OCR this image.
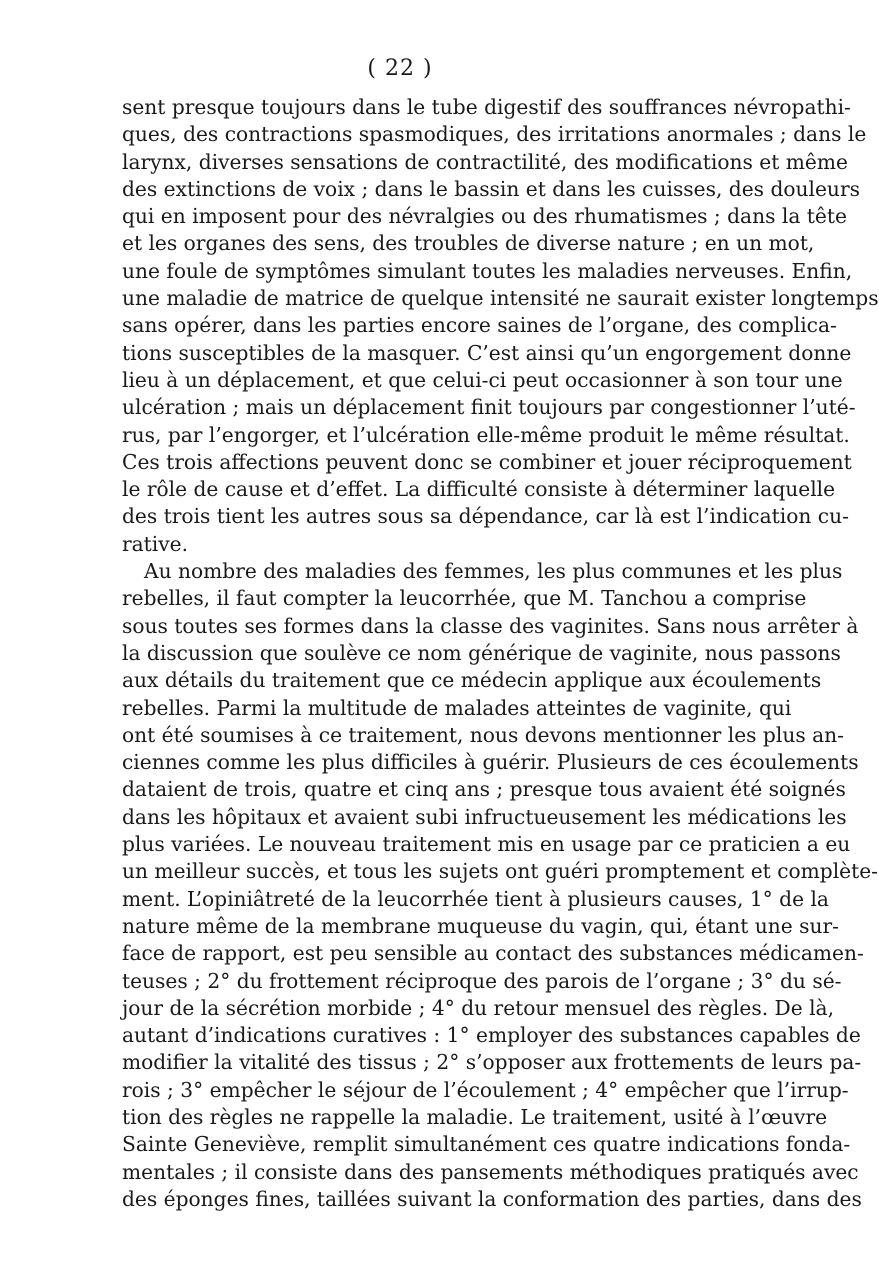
( 22 )
sent presque toujours dans le tube digestif des souffrances névropathi-
ques, des contractions spasmodiques, des irritations anormales ; dans le
larynx, diverses sensations de contractilité, des modifications et même
des extinctions de voix ; dans le bassin et dans les cuisses, des douleurs
qui en imposent pour des névralgies ou des rhumatismes ; dans la tête
et les organes des sens, des troubles de diverse nature ; en un mot,
une foule de symptômes simulant toutes les maladies nerveuses. Enfin,
une maladie de matrice de quelque intensité ne saurait exister longtemps
sans opérer, dans les parties encore saines de l’organe, des complica-
tions susceptibles de la masquer. C’est ainsi qu’un engorgement donne
lieu à un déplacement, et que celui-ci peut occasionner à son tour une
ulcération ; mais un déplacement finit toujours par congestionner l’uté-
rus, par l’engorger, et l’ulcération elle-même produit le même résultat.
Ces trois affections peuvent donc se combiner et jouer réciproquement
le rôle de cause et d’effet. La difficulté consiste à déterminer laquelle
des trois tient les autres sous sa dépendance, car là est l’indication cu-
rative.
Au nombre des maladies des femmes, les plus communes et les plus
rebelles, il faut compter la leucorrhée, que M. Tanchou a comprise
sous toutes ses formes dans la classe des vaginites. Sans nous arrêter à
la discussion que soulève ce nom générique de vaginite, nous passons
aux détails du traitement que ce médecin applique aux écoulements
rebelles. Parmi la multitude de malades atteintes de vaginite, qui
ont été soumises à ce traitement, nous devons mentionner les plus an-
ciennes comme les plus difficiles à guérir. Plusieurs de ces écoulements
dataient de trois, quatre et cinq ans ; presque tous avaient été soignés
dans les hôpitaux et avaient subi infructueusement les médications les
plus variées. Le nouveau traitement mis en usage par ce praticien a eu
un meilleur succès, et tous les sujets ont guéri promptement et complète-
ment. L’opiniâtreté de la leucorrhée tient à plusieurs causes, 1° de la
nature même de la membrane muqueuse du vagin, qui, étant une sur-
face de rapport, est peu sensible au contact des substances médicamen-
teuses ; 2° du frottement réciproque des parois de l’organe ; 3° du sé-
jour de la sécrétion morbide ; 4° du retour mensuel des règles. De là,
autant d’indications curatives : 1° employer des substances capables de
modifier la vitalité des tissus ; 2° s’opposer aux frottements de leurs pa-
rois ; 3° empêcher le séjour de l’écoulement ; 4° empêcher que l’irrup-
tion des règles ne rappelle la maladie. Le traitement, usité à l’œuvre
Sainte Geneviève, remplit simultanément ces quatre indications fonda-
mentales ; il consiste dans des pansements méthodiques pratiqués avec
des éponges fines, taillées suivant la conformation des parties, dans des
